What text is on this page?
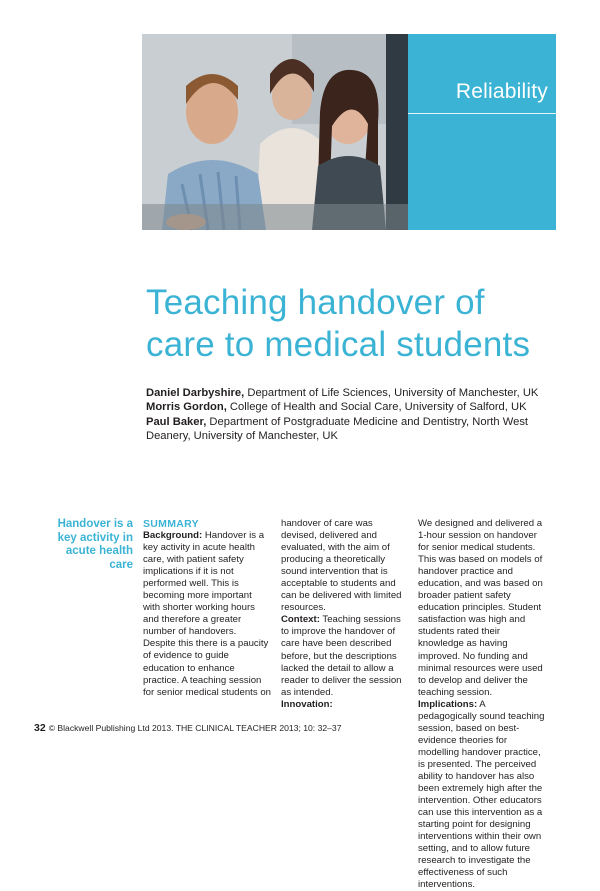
Reliability
Teaching handover of
care to medical students
Daniel Darbyshire, Department of Life Sciences, University of Manchester, UK
Morris Gordon, College of Health and Social Care, University of Salford, UK
Paul Baker, Department of Postgraduate Medicine and Dentistry, North West Deanery, University of Manchester, UK
Handover is a key activity in acute health care
SUMMARY

Background: Handover is a key activity in acute health care, with patient safety implications if it is not performed well. This is becoming more important with shorter working hours and therefore a greater number of handovers. Despite this there is a paucity of evidence to guide education to enhance practice. A teaching session for senior medical students on

handover of care was devised, delivered and evaluated, with the aim of producing a theoretically sound intervention that is acceptable to students and can be delivered with limited resources.

Context: Teaching sessions to improve the handover of care have been described before, but the descriptions lacked the detail to allow a reader to deliver the session as intended.

Innovation:

We designed and delivered a 1-hour session on handover for senior medical students. This was based on models of handover practice and education, and was based on broader patient safety education principles. Student satisfaction was high and students rated their knowledge as having improved. No funding and minimal resources were used to develop and deliver the teaching session.

Implications: A pedagogically sound teaching session, based on best-evidence theories for modelling handover practice, is presented. The perceived ability to handover has also been extremely high after the intervention. Other educators can use this intervention as a starting point for designing interventions within their own setting, and to allow future research to investigate the effectiveness of such interventions.

32 © Blackwell Publishing Ltd 2013. THE CLINICAL TEACHER 2013; 10: 32–37
